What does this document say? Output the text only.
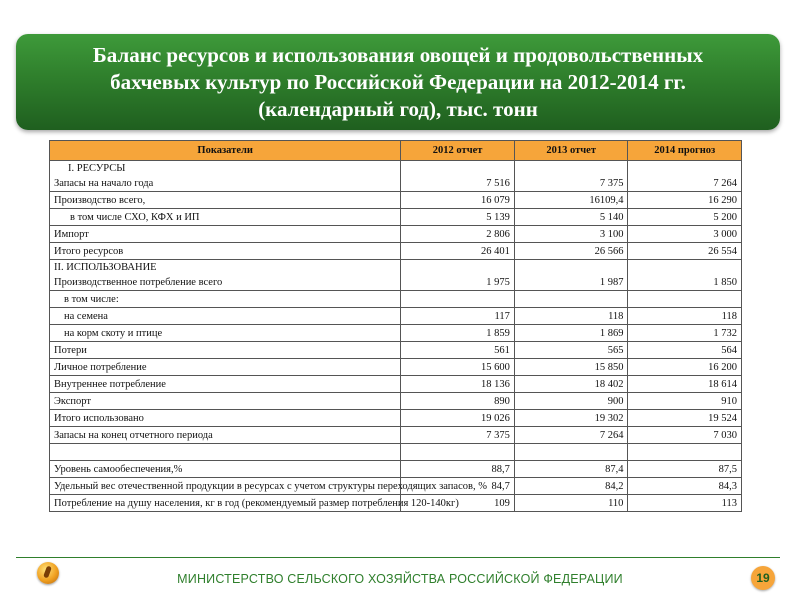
Баланс ресурсов и использования овощей и продовольственных
бахчевых культур по Российской Федерации на 2012-2014 гг.
(календарный год), тыс. тонн
Показатели	2012 отчет	2013 отчет	2014 прогноз
I. РЕСУРСЫ
Запасы на начало года	7 516	7 375	7 264
Производство всего,	16 079	16109,4	16 290
в том числе СХО, КФХ и ИП	5 139	5 140	5 200
Импорт	2 806	3 100	3 000
Итого ресурсов	26 401	26 566	26 554
II. ИСПОЛЬЗОВАНИЕ
Производственное потребление всего	1 975	1 987	1 850
в том числе:			
на семена	117	118	118
на корм скоту и птице	1 859	1 869	1 732
Потери	561	565	564
Личное потребление	15 600	15 850	16 200
Внутреннее потребление	18 136	18 402	18 614
Экспорт	890	900	910
Итого использовано	19 026	19 302	19 524
Запасы на конец отчетного периода	7 375	7 264	7 030

Уровень самообеспечения,%	88,7	87,4	87,5
Удельный вес отечественной продукции в ресурсах с учетом структуры переходящих запасов, %	84,7	84,2	84,3
Потребление на душу населения, кг в год (рекомендуемый размер потребления 120-140кг)	109	110	113
МИНИСТЕРСТВО СЕЛЬСКОГО ХОЗЯЙСТВА РОССИЙСКОЙ ФЕДЕРАЦИИ	19
